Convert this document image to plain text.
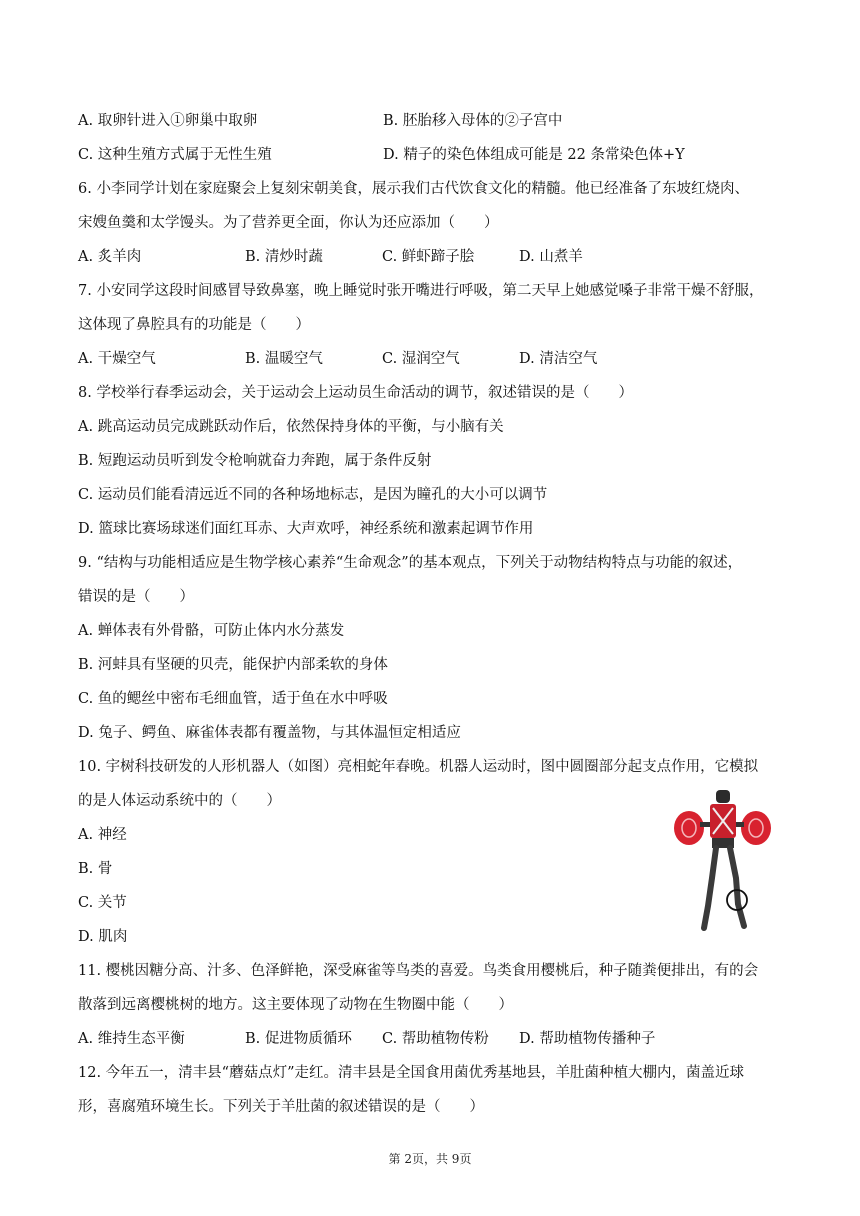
A. 取卵针进入①卵巢中取卵	B. 胚胎移入母体的②子宫中
C. 这种生殖方式属于无性生殖	D. 精子的染色体组成可能是 22 条常染色体+Y
6. 小李同学计划在家庭聚会上复刻宋朝美食，展示我们古代饮食文化的精髓。他已经准备了东坡红烧肉、
宋嫂鱼羹和太学馒头。为了营养更全面，你认为还应添加（　　）
A. 炙羊肉	B. 清炒时蔬	C. 鲜虾蹄子脍	D. 山煮羊
7. 小安同学这段时间感冒导致鼻塞，晚上睡觉时张开嘴进行呼吸，第二天早上她感觉嗓子非常干燥不舒服，
这体现了鼻腔具有的功能是（　　）
A. 干燥空气	B. 温暖空气	C. 湿润空气	D. 清洁空气
8. 学校举行春季运动会，关于运动会上运动员生命活动的调节，叙述错误的是（　　）
A. 跳高运动员完成跳跃动作后，依然保持身体的平衡，与小脑有关
B. 短跑运动员听到发令枪响就奋力奔跑，属于条件反射
C. 运动员们能看清远近不同的各种场地标志，是因为瞳孔的大小可以调节
D. 篮球比赛场球迷们面红耳赤、大声欢呼，神经系统和激素起调节作用
9. “结构与功能相适应是生物学核心素养“生命观念”的基本观点，下列关于动物结构特点与功能的叙述，
错误的是（　　）
A. 蝉体表有外骨骼，可防止体内水分蒸发
B. 河蚌具有坚硬的贝壳，能保护内部柔软的身体
C. 鱼的鳃丝中密布毛细血管，适于鱼在水中呼吸
D. 兔子、鳄鱼、麻雀体表都有覆盖物，与其体温恒定相适应
10. 宇树科技研发的人形机器人（如图）亮相蛇年春晚。机器人运动时，图中圆圈部分起支点作用，它模拟
的是人体运动系统中的（　　）
A. 神经
B. 骨
C. 关节
D. 肌肉
11. 樱桃因糖分高、汁多、色泽鲜艳，深受麻雀等鸟类的喜爱。鸟类食用樱桃后，种子随粪便排出，有的会
散落到远离樱桃树的地方。这主要体现了动物在生物圈中能（　　）
A. 维持生态平衡	B. 促进物质循环 C. 帮助植物传粉 D. 帮助植物传播种子
12. 今年五一，清丰县“蘑菇点灯”走红。清丰县是全国食用菌优秀基地县，羊肚菌种植大棚内，菌盖近球
形，喜腐殖环境生长。下列关于羊肚菌的叙述错误的是（　　）
第 2页，共 9页
